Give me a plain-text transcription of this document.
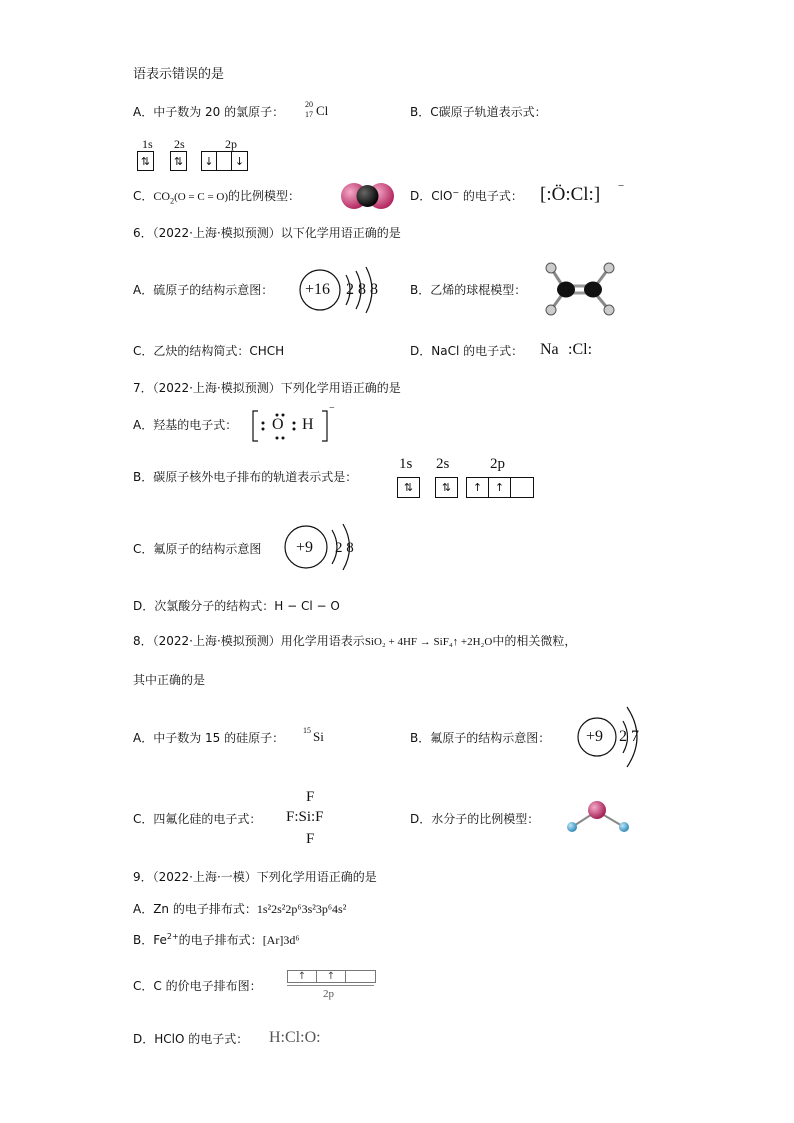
语表示错误的是
A．中子数为 20 的氯原子：
20
17 Cl	B．C碳原子轨道表示式：
1s 2s	2p
⇅ ⇅ ↓	↓
C．$CO_2(O = C = O)$的比例模型：	D．ClO− 的电子式： [:Ö:Cl:] −
6．（2022·上海·模拟预测）以下化学用语正确的是
A．硫原子的结构示意图： +16 2 8 8	B．乙烯的球棍模型：
C．乙炔的结构简式：CHCH	D．NaCl 的电子式： Na :Cl:
7．（2022·上海·模拟预测）下列化学用语正确的是
A．羟基的电子式： O H
−
B．碳原子核外电子排布的轨道表示式是：
1s 2s	2p
⇅	⇅	↑	↑
C．氟原子的结构示意图 +9 2 8
D．次氯酸分子的结构式：H − Cl − O
8．（2022·上海·模拟预测）用化学用语表示SiO₂ + 4HF → SiF₄↑ +2H₂O中的相关微粒，
其中正确的是
A．中子数为 15 的硅原子：
15 Si	B．氟原子的结构示意图： +9 2 7
C．四氟化硅的电子式：
F
F:Si:F
F
D．水分子的比例模型：
9．（2022·上海·一模）下列化学用语正确的是
A．Zn 的电子排布式：1s²2s²2p⁶3s²3p⁶4s²
B．$Fe^{2+}$的电子排布式：[Ar]3d⁶
C．C 的价电子排布图：
↑	↑
2p
D．HClO 的电子式： H:Cl:O:
